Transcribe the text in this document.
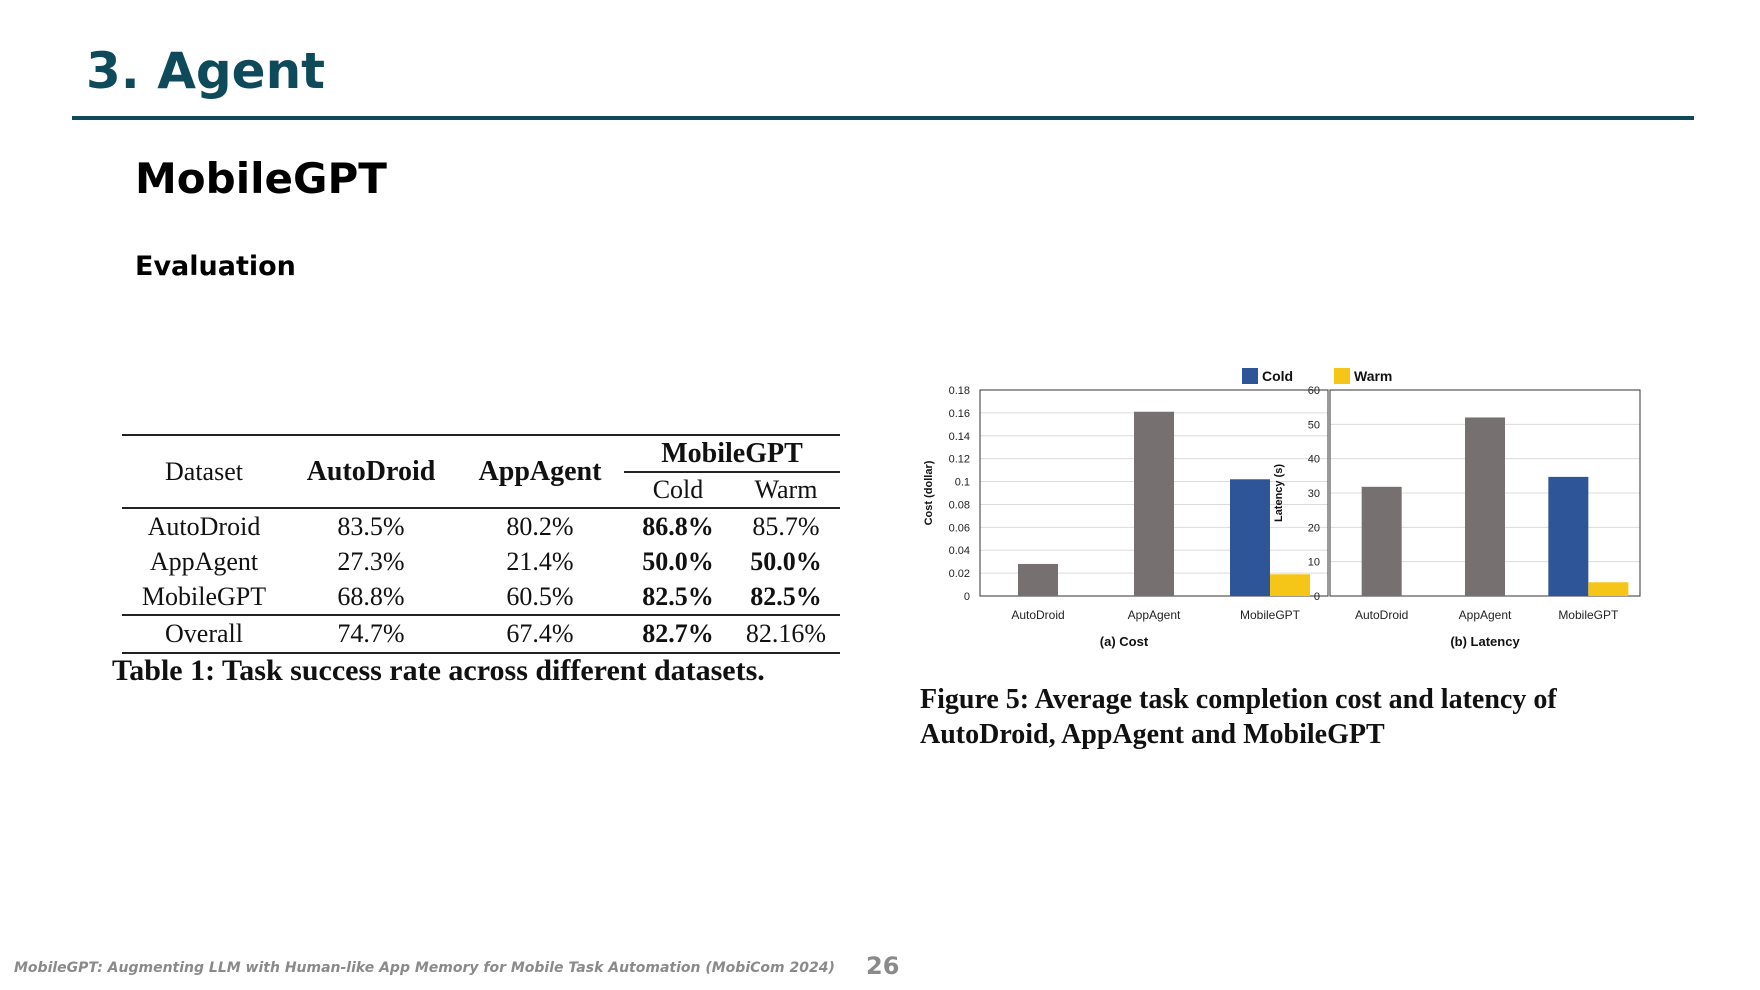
3. Agent
MobileGPT
Evaluation
Dataset	AutoDroid	AppAgent	MobileGPT	
			Cold	Warm
AutoDroid	83.5%	80.2%	86.8%	85.7%
AppAgent	27.3%	21.4%	50.0%	50.0%
MobileGPT	68.8%	60.5%	82.5%	82.5%
Overall	74.7%	67.4%	82.7%	82.16%
Table 1: Task success rate across different datasets.
Cold	Warm
0
0.02
0.04
0.06
0.08
0.1
0.12
0.14
0.16
0.18
AutoDroid	AppAgent	MobileGPT
Cost (dollar)
(a) Cost
0
10
20
30
40
50
60
AutoDroid	AppAgent	MobileGPT
Latency (s)
(b) Latency
Figure 5: Average task completion cost and latency of
AutoDroid, AppAgent and MobileGPT
MobileGPT: Augmenting LLM with Human-like App Memory for Mobile Task Automation (MobiCom 2024) 26
